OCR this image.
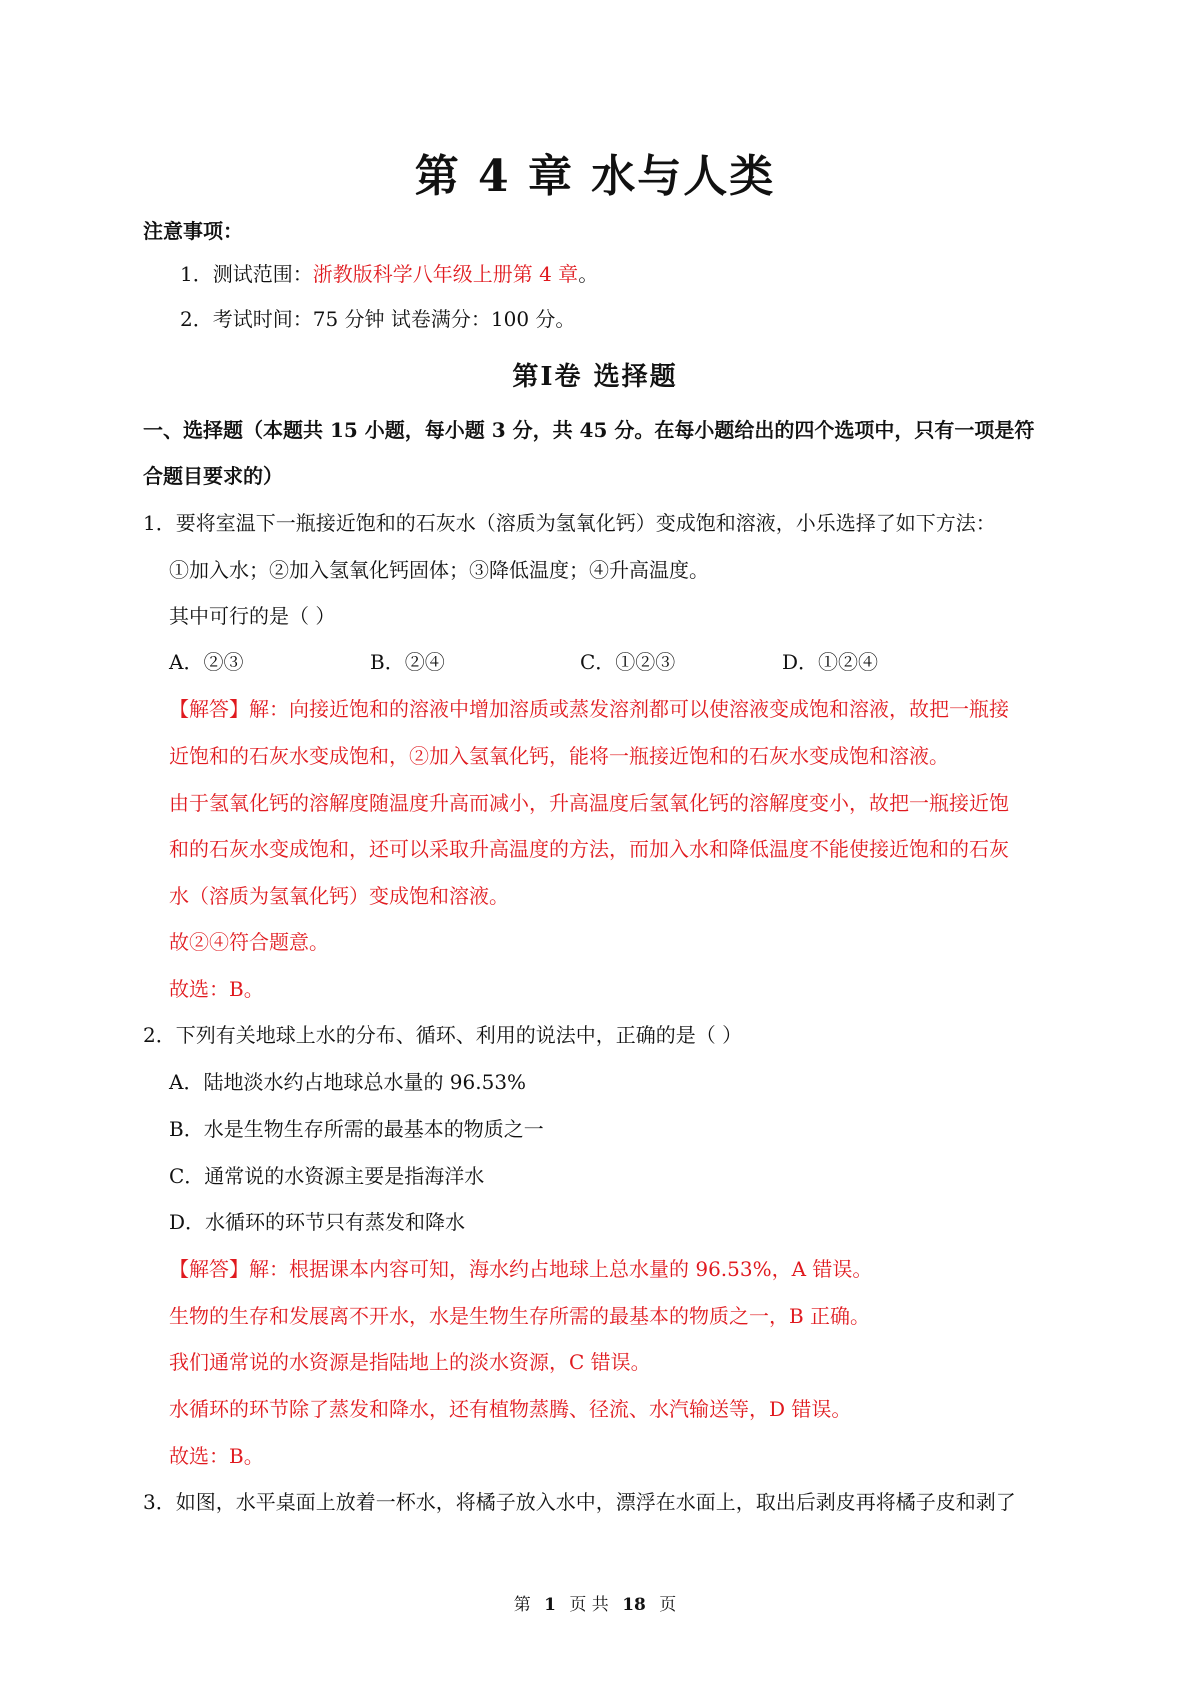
第 4 章 水与人类
注意事项：
1．测试范围：浙教版科学八年级上册第 4 章。
2．考试时间：75 分钟 试卷满分：100 分。
第Ⅰ卷 选择题
一、选择题（本题共 15 小题，每小题 3 分，共 45 分。在每小题给出的四个选项中，只有一项是符
合题目要求的）
1．要将室温下一瓶接近饱和的石灰水（溶质为氢氧化钙）变成饱和溶液，小乐选择了如下方法：
①加入水；②加入氢氧化钙固体；③降低温度；④升高温度。
其中可行的是（ ）
A．②③	B．②④	C．①②③	D．①②④
【解答】解：向接近饱和的溶液中增加溶质或蒸发溶剂都可以使溶液变成饱和溶液，故把一瓶接
近饱和的石灰水变成饱和，②加入氢氧化钙，能将一瓶接近饱和的石灰水变成饱和溶液。
由于氢氧化钙的溶解度随温度升高而减小，升高温度后氢氧化钙的溶解度变小，故把一瓶接近饱
和的石灰水变成饱和，还可以采取升高温度的方法，而加入水和降低温度不能使接近饱和的石灰
水（溶质为氢氧化钙）变成饱和溶液。
故②④符合题意。
故选：B。
2．下列有关地球上水的分布、循环、利用的说法中，正确的是（ ）
A．陆地淡水约占地球总水量的 96.53%
B．水是生物生存所需的最基本的物质之一
C．通常说的水资源主要是指海洋水
D．水循环的环节只有蒸发和降水
【解答】解：根据课本内容可知，海水约占地球上总水量的 96.53%，A 错误。
生物的生存和发展离不开水，水是生物生存所需的最基本的物质之一，B 正确。
我们通常说的水资源是指陆地上的淡水资源，C 错误。
水循环的环节除了蒸发和降水，还有植物蒸腾、径流、水汽输送等，D 错误。
故选：B。
3．如图，水平桌面上放着一杯水，将橘子放入水中，漂浮在水面上，取出后剥皮再将橘子皮和剥了
第 1 页 共 18 页
